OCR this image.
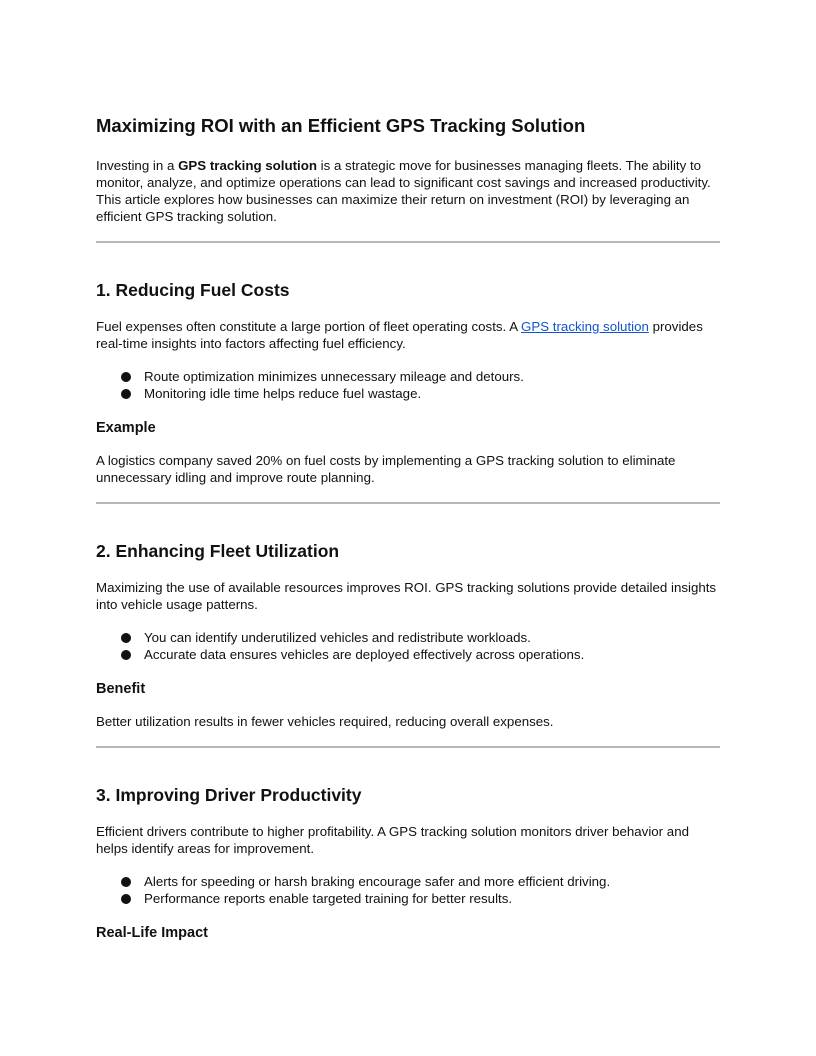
Maximizing ROI with an Efficient GPS Tracking Solution

Investing in a GPS tracking solution is a strategic move for businesses managing fleets. The ability to monitor, analyze, and optimize operations can lead to significant cost savings and increased productivity. This article explores how businesses can maximize their return on investment (ROI) by leveraging an efficient GPS tracking solution.

1. Reducing Fuel Costs

Fuel expenses often constitute a large portion of fleet operating costs. A GPS tracking solution provides real-time insights into factors affecting fuel efficiency.

Route optimization minimizes unnecessary mileage and detours.
Monitoring idle time helps reduce fuel wastage.
Example

A logistics company saved 20% on fuel costs by implementing a GPS tracking solution to eliminate unnecessary idling and improve route planning.

2. Enhancing Fleet Utilization

Maximizing the use of available resources improves ROI. GPS tracking solutions provide detailed insights into vehicle usage patterns.

You can identify underutilized vehicles and redistribute workloads.
Accurate data ensures vehicles are deployed effectively across operations.
Benefit

Better utilization results in fewer vehicles required, reducing overall expenses.

3. Improving Driver Productivity

Efficient drivers contribute to higher profitability. A GPS tracking solution monitors driver behavior and helps identify areas for improvement.

Alerts for speeding or harsh braking encourage safer and more efficient driving.
Performance reports enable targeted training for better results.
Real-Life Impact
